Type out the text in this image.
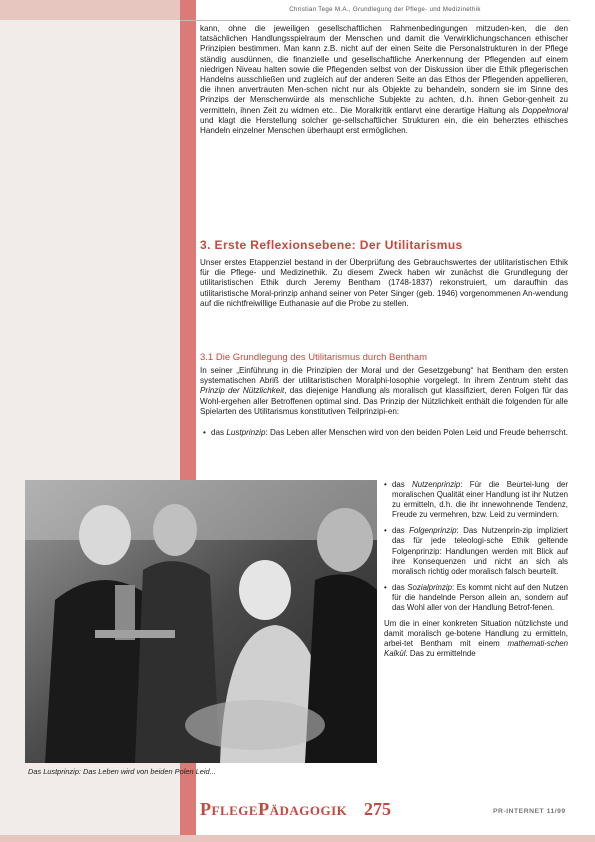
Christian Tege M.A., Grundlegung der Pflege- und Medizinethik

kann, ohne die jeweiligen gesellschaftlichen Rahmenbedingungen mitzuden-ken, die den tatsächlichen Handlungsspielraum der Menschen und damit die Verwirklichungschancen ethischer Prinzipien bestimmen. Man kann z.B. nicht auf der einen Seite die Personalstrukturen in der Pflege ständig ausdünnen, die finanzielle und gesellschaftliche Anerkennung der Pflegenden auf einem niedrigen Niveau halten sowie die Pflegenden selbst von der Diskussion über die Ethik pflegerischen Handelns ausschließen und zugleich auf der anderen Seite an das Ethos der Pflegenden appellieren, die ihnen anvertrauten Men-schen nicht nur als Objekte zu behandeln, sondern sie im Sinne des Prinzips der Menschenwürde als menschliche Subjekte zu achten, d.h. ihnen Gebor-genheit zu vermitteln, ihnen Zeit zu widmen etc.. Die Moralkritik entlarvt eine derartige Haltung als Doppelmoral und klagt die Herstellung solcher ge-sellschaftlicher Strukturen ein, die ein beherztes ethisches Handeln einzelner Menschen überhaupt erst ermöglichen.

3. Erste Reflexionsebene: Der Utilitarismus

Unser erstes Etappenziel bestand in der Überprüfung des Gebrauchswertes der utilitaristischen Ethik für die Pflege- und Medizinethik. Zu diesem Zweck haben wir zunächst die Grundlegung der utilitaristischen Ethik durch Jeremy Bentham (1748-1837) rekonstruiert, um daraufhin das utilitaristische Moral-prinzip anhand seiner von Peter Singer (geb. 1946) vorgenommenen An-wendung auf die nichtfreiwillige Euthanasie auf die Probe zu stellen.

3.1 Die Grundlegung des Utilitarismus durch Bentham

In seiner „Einführung in die Prinzipien der Moral und der Gesetzgebung“ hat Bentham den ersten systematischen Abriß der utilitaristischen Moralphi-losophie vorgelegt. In ihrem Zentrum steht das Prinzip der Nützlichkeit, das diejenige Handlung als moralisch gut klassifiziert, deren Folgen für das Wohl-ergehen aller Betroffenen optimal sind. Das Prinzip der Nützlichkeit enthält die folgenden für alle Spielarten des Utilitarismus konstitutiven Teilprinzipi-en:

• das Lustprinzip: Das Leben aller Menschen wird von den beiden Polen Leid und Freude beherrscht.
Das Lustprinzip: Das Leben wird von beiden Polen Leid...
• das Nutzenprinzip: Für die Beurtei-lung der moralischen Qualität einer Handlung ist ihr Nutzen zu ermitteln, d.h. die ihr innewohnende Tendenz, Freude zu vermehren, bzw. Leid zu vermindern.
• das Folgenprinzip: Das Nutzenprin-zip impliziert das für jede teleologi-sche Ethik geltende Folgenprinzip: Handlungen werden mit Blick auf ihre Konsequenzen und nicht an sich als moralisch richtig oder moralisch falsch beurteilt.
• das Sozialprinzip: Es kommt nicht auf den Nutzen für die handelnde Person allein an, sondern auf das Wohl aller von der Handlung Betrof-fenen.
Um die in einer konkreten Situation nützlichste und damit moralisch ge-botene Handlung zu ermitteln, arbei-tet Bentham mit einem mathemati-schen Kalkül. Das zu ermittelnde
PFLEGEPÄDAGOGIK 275	PR-INTERNET 11/99
